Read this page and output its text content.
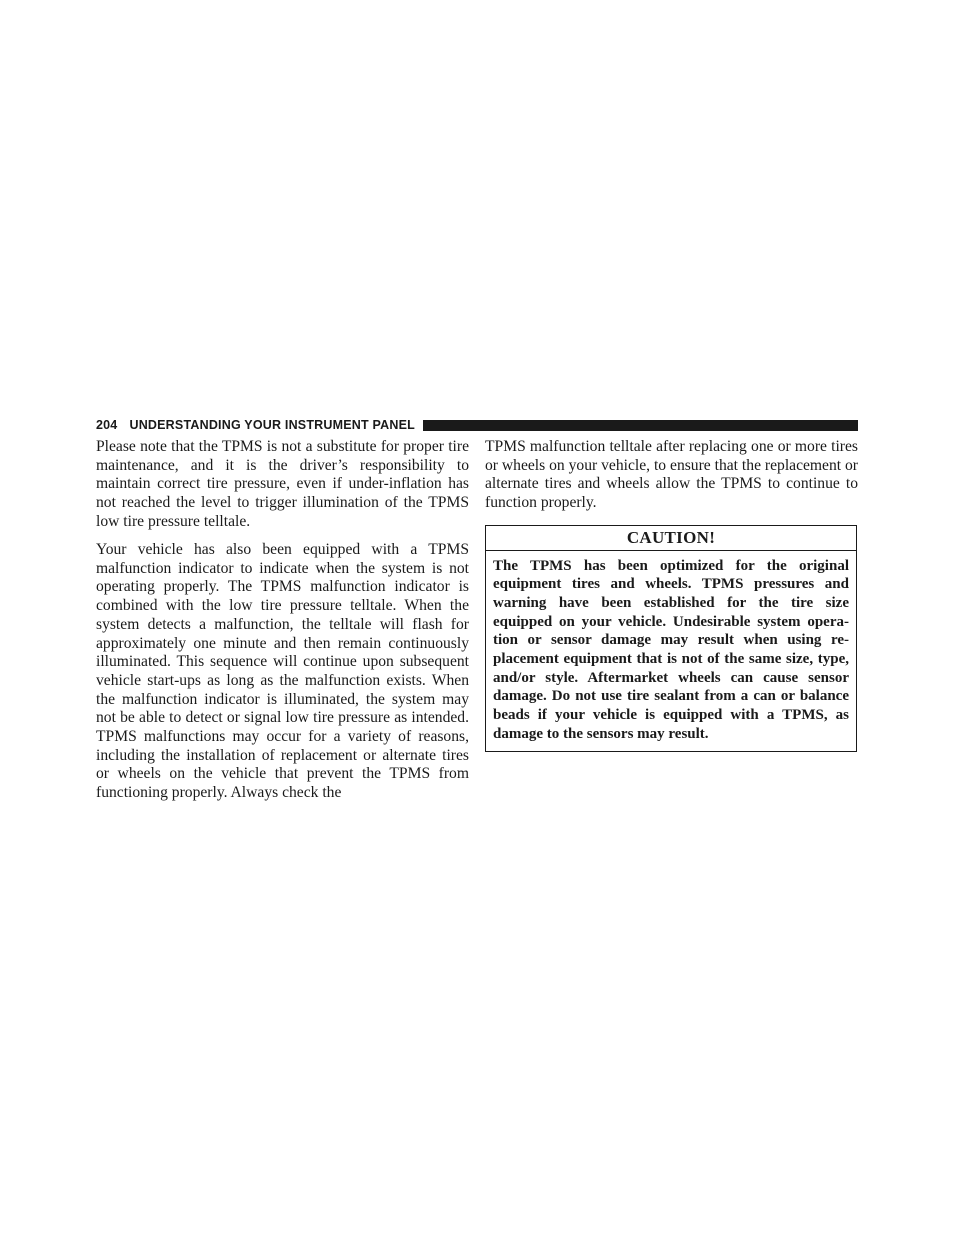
204 UNDERSTANDING YOUR INSTRUMENT PANEL

Please note that the TPMS is not a substitute for proper tire maintenance, and it is the driver’s responsibility to maintain correct tire pressure, even if under-inflation has not reached the level to trigger illumination of the TPMS low tire pressure telltale.

Your vehicle has also been equipped with a TPMS malfunction indicator to indicate when the system is not operating properly. The TPMS malfunction indicator is combined with the low tire pressure telltale. When the system detects a malfunction, the telltale will flash for approximately one minute and then remain continuously illuminated. This sequence will continue upon subsequent vehicle start-ups as long as the malfunction exists. When the malfunction indicator is illuminated, the system may not be able to detect or signal low tire pressure as intended. TPMS malfunctions may occur for a variety of reasons, including the installation of replacement or alternate tires or wheels on the vehicle that prevent the TPMS from functioning properly. Always check the

TPMS malfunction telltale after replacing one or more tires or wheels on your vehicle, to ensure that the replacement or alternate tires and wheels allow the TPMS to continue to function properly.

CAUTION!
The TPMS has been optimized for the original equipment tires and wheels. TPMS pressures and warning have been established for the tire size equipped on your vehicle. Undesirable system operation or sensor damage may result when using replacement equipment that is not of the same size, type, and/or style. Aftermarket wheels can cause sensor damage. Do not use tire sealant from a can or balance beads if your vehicle is equipped with a TPMS, as damage to the sensors may result.
